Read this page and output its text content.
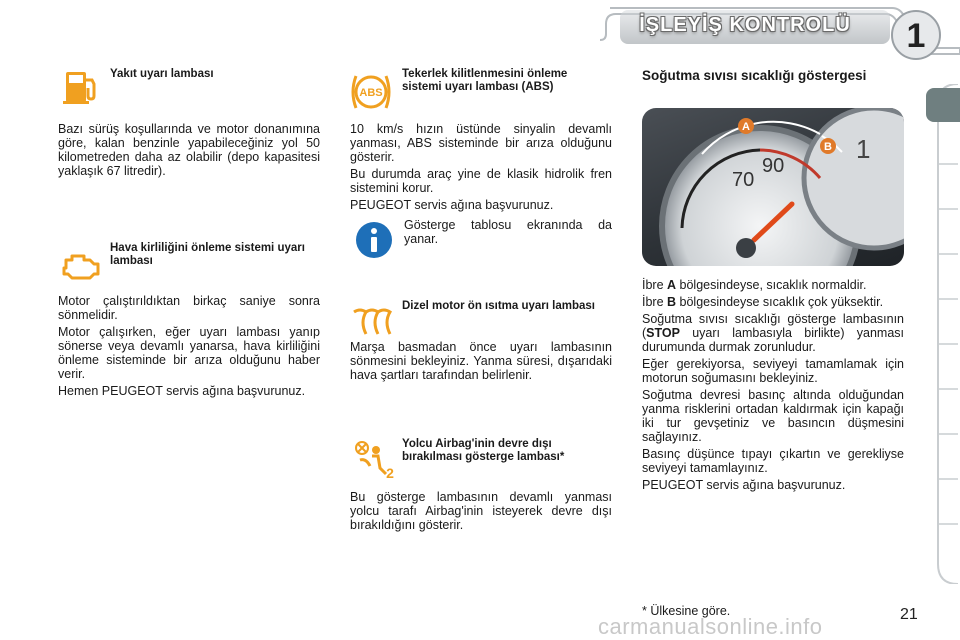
İŞLEYİŞ KONTROLÜ	1
Yakıt uyarı lambası
Bazı sürüş koşullarında ve motor donanımına göre, kalan benzinle yapabileceğiniz yol 50 kilometreden daha az olabilir (depo kapasitesi yaklaşık 67 litredir).
Hava kirliliğini önleme sistemi uyarı lambası

Motor çalıştırıldıktan birkaç saniye sonra sönmelidir.

Motor çalışırken, eğer uyarı lambası yanıp sönerse veya devamlı yanarsa, hava kirliliğini önleme sisteminde bir arıza olduğunu haber verir.

Hemen PEUGEOT servis ağına başvurunuz.

ABS
Tekerlek kilitlenmesini önleme sistemi uyarı lambası (ABS)

10 km/s hızın üstünde sinyalin devamlı yanması, ABS sisteminde bir arıza olduğunu gösterir.

Bu durumda araç yine de klasik hidrolik fren sistemini korur.

PEUGEOT servis ağına başvurunuz.

Gösterge tablosu ekranında da yanar.
Dizel motor ön ısıtma uyarı lambası
Marşa basmadan önce uyarı lambasının sönmesini bekleyiniz. Yanma süresi, dışarıdaki hava şartları tarafından belirlenir.
2
Yolcu Airbag'inin devre dışı bırakılması gösterge lambası*
Bu gösterge lambasının devamlı yanması yolcu tarafı Airbag'inin isteyerek devre dışı bırakıldığını gösterir.
Soğutma sıvısı sıcaklığı göstergesi
70
90
1
A
B

İbre A bölgesindeyse, sıcaklık normaldir.

İbre B bölgesindeyse sıcaklık çok yüksektir.

Soğutma sıvısı sıcaklığı gösterge lambasının (STOP uyarı lambasıyla birlikte) yanması durumunda durmak zorunludur.

Eğer gerekiyorsa, seviyeyi tamamlamak için motorun soğumasını bekleyiniz.

Soğutma devresi basınç altında olduğundan yanma risklerini ortadan kaldırmak için kapağı iki tur gevşetiniz ve basıncın düşmesini sağlayınız.

Basınç düşünce tıpayı çıkartın ve gerekliyse seviyeyi tamamlayınız.

PEUGEOT servis ağına başvurunuz.

carmanualsonline.info
* Ülkesine göre.	21
